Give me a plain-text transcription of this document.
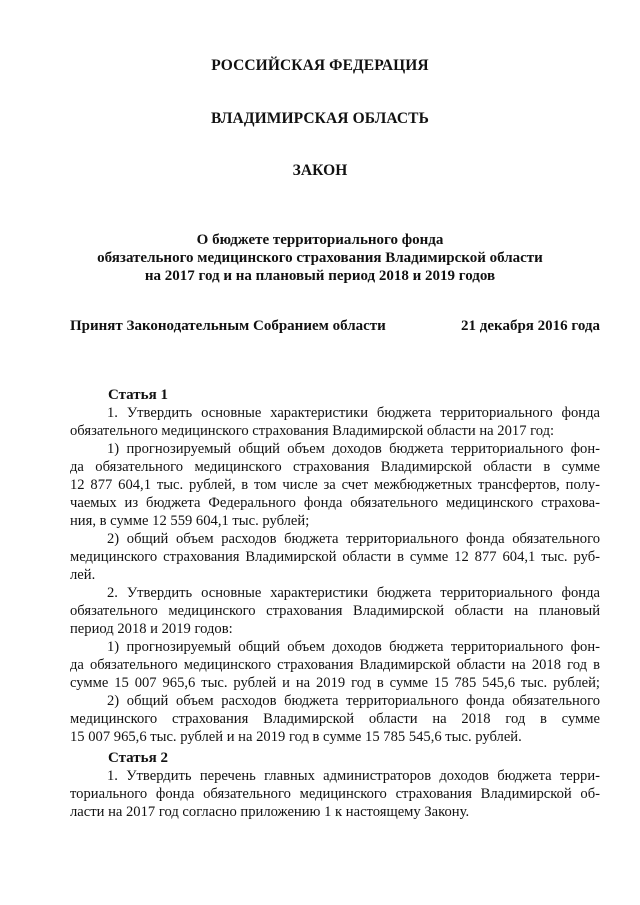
РОССИЙСКАЯ ФЕДЕРАЦИЯ
ВЛАДИМИРСКАЯ ОБЛАСТЬ
ЗАКОН
О бюджете территориального фонда
обязательного медицинского страхования Владимирской области
на 2017 год и на плановый период 2018 и 2019 годов
Принят Законодательным Собранием области	21 декабря 2016 года
Статья 1
1. Утвердить основные характеристики бюджета территориального фонда
обязательного медицинского страхования Владимирской области на 2017 год:
1) прогнозируемый общий объем доходов бюджета территориального фон-
да обязательного медицинского страхования Владимирской области в сумме
12 877 604,1 тыс. рублей, в том числе за счет межбюджетных трансфертов, полу-
чаемых из бюджета Федерального фонда обязательного медицинского страхова-
ния, в сумме 12 559 604,1 тыс. рублей;
2) общий объем расходов бюджета территориального фонда обязательного
медицинского страхования Владимирской области в сумме 12 877 604,1 тыс. руб-
лей.
2. Утвердить основные характеристики бюджета территориального фонда
обязательного медицинского страхования Владимирской области на плановый
период 2018 и 2019 годов:
1) прогнозируемый общий объем доходов бюджета территориального фон-
да обязательного медицинского страхования Владимирской области на 2018 год в
сумме 15 007 965,6 тыс. рублей и на 2019 год в сумме 15 785 545,6 тыс. рублей;
2) общий объем расходов бюджета территориального фонда обязательного
медицинского страхования Владимирской области на 2018 год в сумме
15 007 965,6 тыс. рублей и на 2019 год в сумме 15 785 545,6 тыс. рублей.
Статья 2
1. Утвердить перечень главных администраторов доходов бюджета терри-
ториального фонда обязательного медицинского страхования Владимирской об-
ласти на 2017 год согласно приложению 1 к настоящему Закону.
